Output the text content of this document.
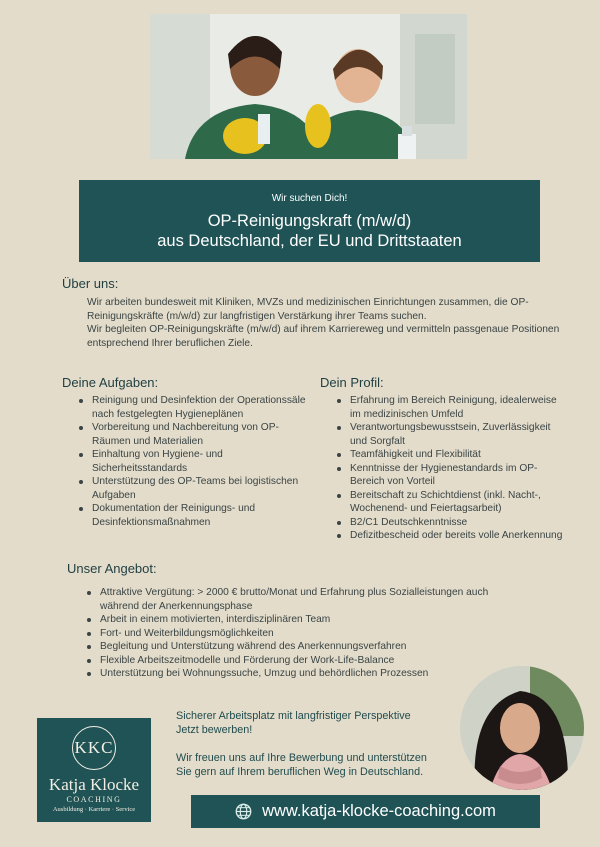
Wir suchen Dich!
OP-Reinigungskraft (m/w/d)
aus Deutschland, der EU und Drittstaaten
Über uns:

Wir arbeiten bundesweit mit Kliniken, MVZs und medizinischen Einrichtungen zusammen, die OP-Reinigungskräfte (m/w/d) zur langfristigen Verstärkung ihrer Teams suchen.

Wir begleiten OP-Reinigungskräfte (m/w/d) auf ihrem Karriereweg und vermitteln passgenaue Positionen entsprechend Ihrer beruflichen Ziele.

Deine Aufgaben:
Reinigung und Desinfektion der Operationssäle nach festgelegten Hygieneplänen
Vorbereitung und Nachbereitung von OP-Räumen und Materialien
Einhaltung von Hygiene- und Sicherheitsstandards
Unterstützung des OP-Teams bei logistischen Aufgaben
Dokumentation der Reinigungs- und Desinfektionsmaßnahmen
Dein Profil:
Erfahrung im Bereich Reinigung, idealerweise im medizinischen Umfeld
Verantwortungsbewusstsein, Zuverlässigkeit und Sorgfalt
Teamfähigkeit und Flexibilität
Kenntnisse der Hygienestandards im OP-Bereich von Vorteil
Bereitschaft zu Schichtdienst (inkl. Nacht-, Wochenend- und Feiertagsarbeit)
B2/C1 Deutschkenntnisse
Defizitbescheid oder bereits volle Anerkennung
Unser Angebot:
Attraktive Vergütung: > 2000 € brutto/Monat und Erfahrung plus Sozialleistungen auch während der Anerkennungsphase
Arbeit in einem motivierten, interdisziplinären Team
Fort- und Weiterbildungsmöglichkeiten
Begleitung und Unterstützung während des Anerkennungsverfahren
Flexible Arbeitszeitmodelle und Förderung der Work-Life-Balance
Unterstützung bei Wohnungssuche, Umzug und behördlichen Prozessen
KKC
Katja Klocke
COACHING
Ausbildung · Karriere · Service
Sicherer Arbeitsplatz mit langfristiger Perspektive
Jetzt bewerben!
Wir freuen uns auf Ihre Bewerbung und unterstützen
Sie gern auf Ihrem beruflichen Weg in Deutschland.
www.katja-klocke-coaching.com
